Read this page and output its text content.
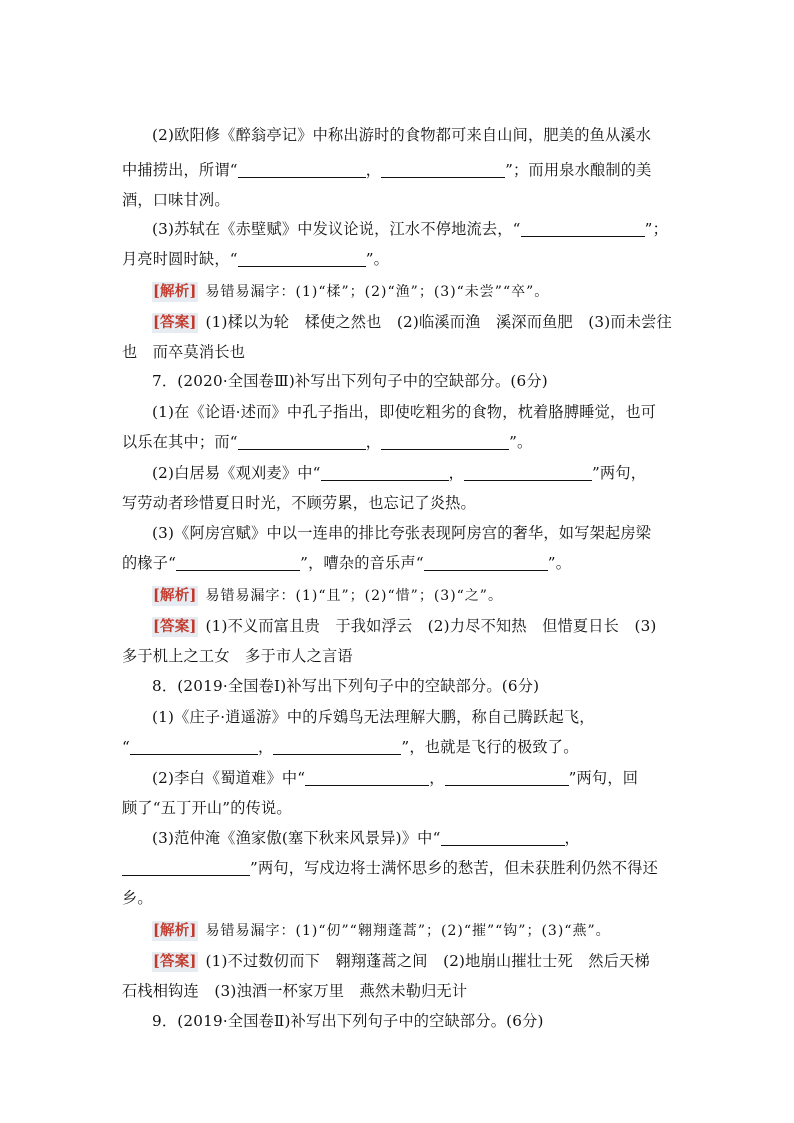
(2)欧阳修《醉翁亭记》中称出游时的食物都可来自山间，肥美的鱼从溪水
中捕捞出，所谓“	，	”；而用泉水酿制的美
酒，口味甘冽。
(3)苏轼在《赤壁赋》中发议论说，江水不停地流去，“	”；
月亮时圆时缺，“	”。
[解析] 易错易漏字：(1)“楺”；(2)“渔”；(3)“未尝”“卒”。
[答案] (1)楺以为轮　楺使之然也　(2)临溪而渔　溪深而鱼肥　(3)而未尝往
也　而卒莫消长也
7．(2020·全国卷Ⅲ)补写出下列句子中的空缺部分。(6分)
(1)在《论语·述而》中孔子指出，即使吃粗劣的食物，枕着胳膊睡觉，也可
以乐在其中；而“	，	”。
(2)白居易《观刈麦》中“	，	”两句，
写劳动者珍惜夏日时光，不顾劳累，也忘记了炎热。
(3)《阿房宫赋》中以一连串的排比夸张表现阿房宫的奢华，如写架起房梁
的椽子“	”，嘈杂的音乐声“	”。
[解析] 易错易漏字：(1)“且”；(2)“惜”；(3)“之”。
[答案] (1)不义而富且贵　于我如浮云　(2)力尽不知热　但惜夏日长　(3)
多于机上之工女　多于市人之言语
8．(2019·全国卷Ⅰ)补写出下列句子中的空缺部分。(6分)
(1)《庄子·逍遥游》中的斥鴳鸟无法理解大鹏，称自己腾跃起飞，
“	，	”，也就是飞行的极致了。
(2)李白《蜀道难》中“	，	”两句，回
顾了“五丁开山”的传说。
(3)范仲淹《渔家傲(塞下秋来风景异)》中“	，
”两句，写戍边将士满怀思乡的愁苦，但未获胜利仍然不得还
乡。
[解析] 易错易漏字：(1)“仞”“翱翔蓬蒿”；(2)“摧”“钩”；(3)“燕”。
[答案] (1)不过数仞而下　翱翔蓬蒿之间　(2)地崩山摧壮士死　然后天梯
石栈相钩连　(3)浊酒一杯家万里　燕然未勒归无计
9．(2019·全国卷Ⅱ)补写出下列句子中的空缺部分。(6分)
